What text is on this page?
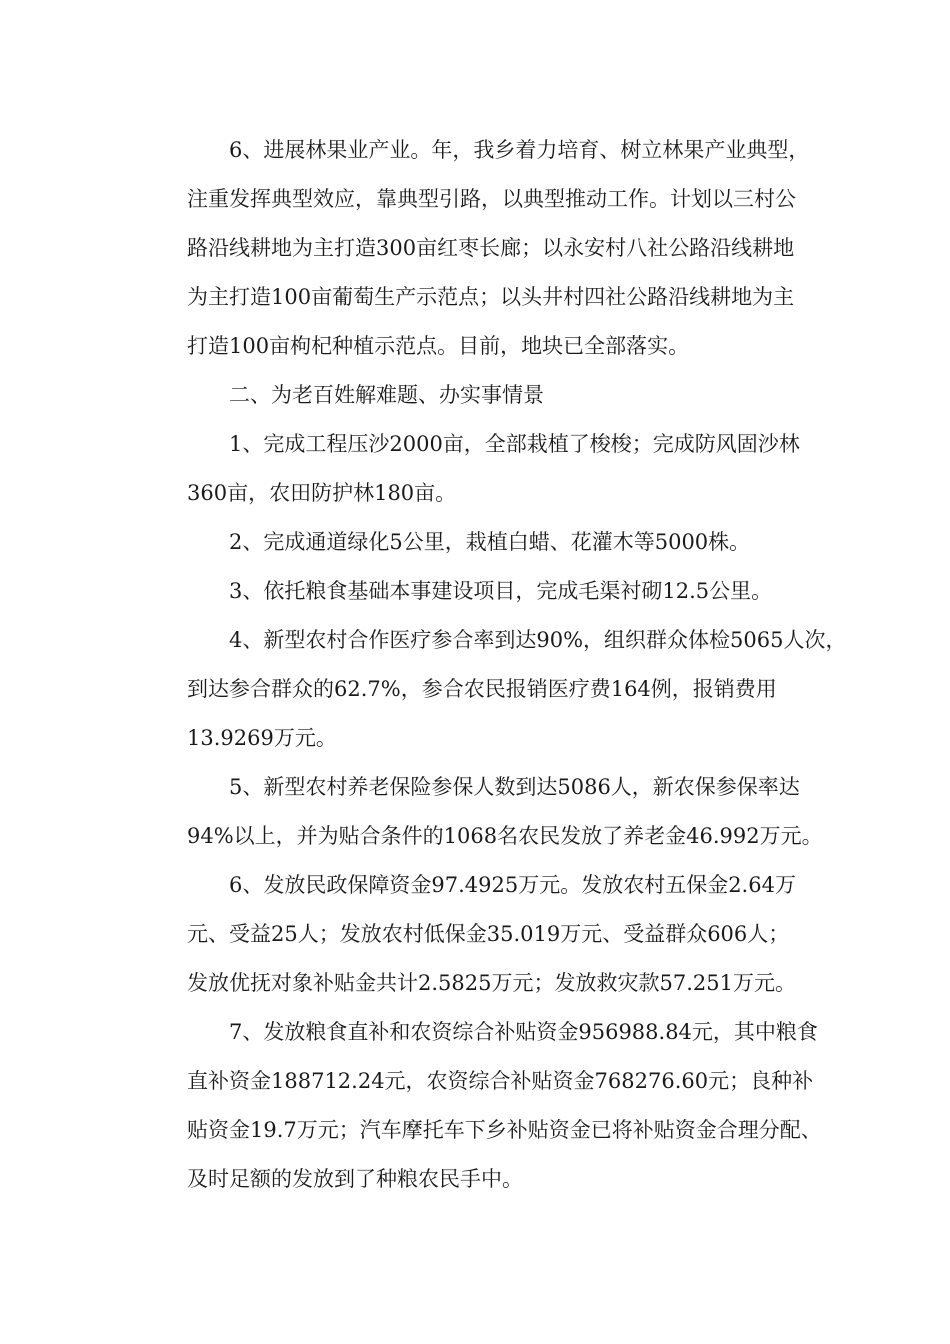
6、进展林果业产业。年，我乡着力培育、树立林果产业典型，
注重发挥典型效应，靠典型引路，以典型推动工作。计划以三村公
路沿线耕地为主打造300亩红枣长廊；以永安村八社公路沿线耕地
为主打造100亩葡萄生产示范点；以头井村四社公路沿线耕地为主
打造100亩枸杞种植示范点。目前，地块已全部落实。
二、为老百姓解难题、办实事情景
1、完成工程压沙2000亩，全部栽植了梭梭；完成防风固沙林
360亩，农田防护林180亩。
2、完成通道绿化5公里，栽植白蜡、花灌木等5000株。
3、依托粮食基础本事建设项目，完成毛渠衬砌12.5公里。
4、新型农村合作医疗参合率到达90%，组织群众体检5065人次，
到达参合群众的62.7%，参合农民报销医疗费164例，报销费用
13.9269万元。
5、新型农村养老保险参保人数到达5086人，新农保参保率达
94%以上，并为贴合条件的1068名农民发放了养老金46.992万元。
6、发放民政保障资金97.4925万元。发放农村五保金2.64万
元、受益25人；发放农村低保金35.019万元、受益群众606人；
发放优抚对象补贴金共计2.5825万元；发放救灾款57.251万元。
7、发放粮食直补和农资综合补贴资金956988.84元，其中粮食
直补资金188712.24元，农资综合补贴资金768276.60元；良种补
贴资金19.7万元；汽车摩托车下乡补贴资金已将补贴资金合理分配、
及时足额的发放到了种粮农民手中。
